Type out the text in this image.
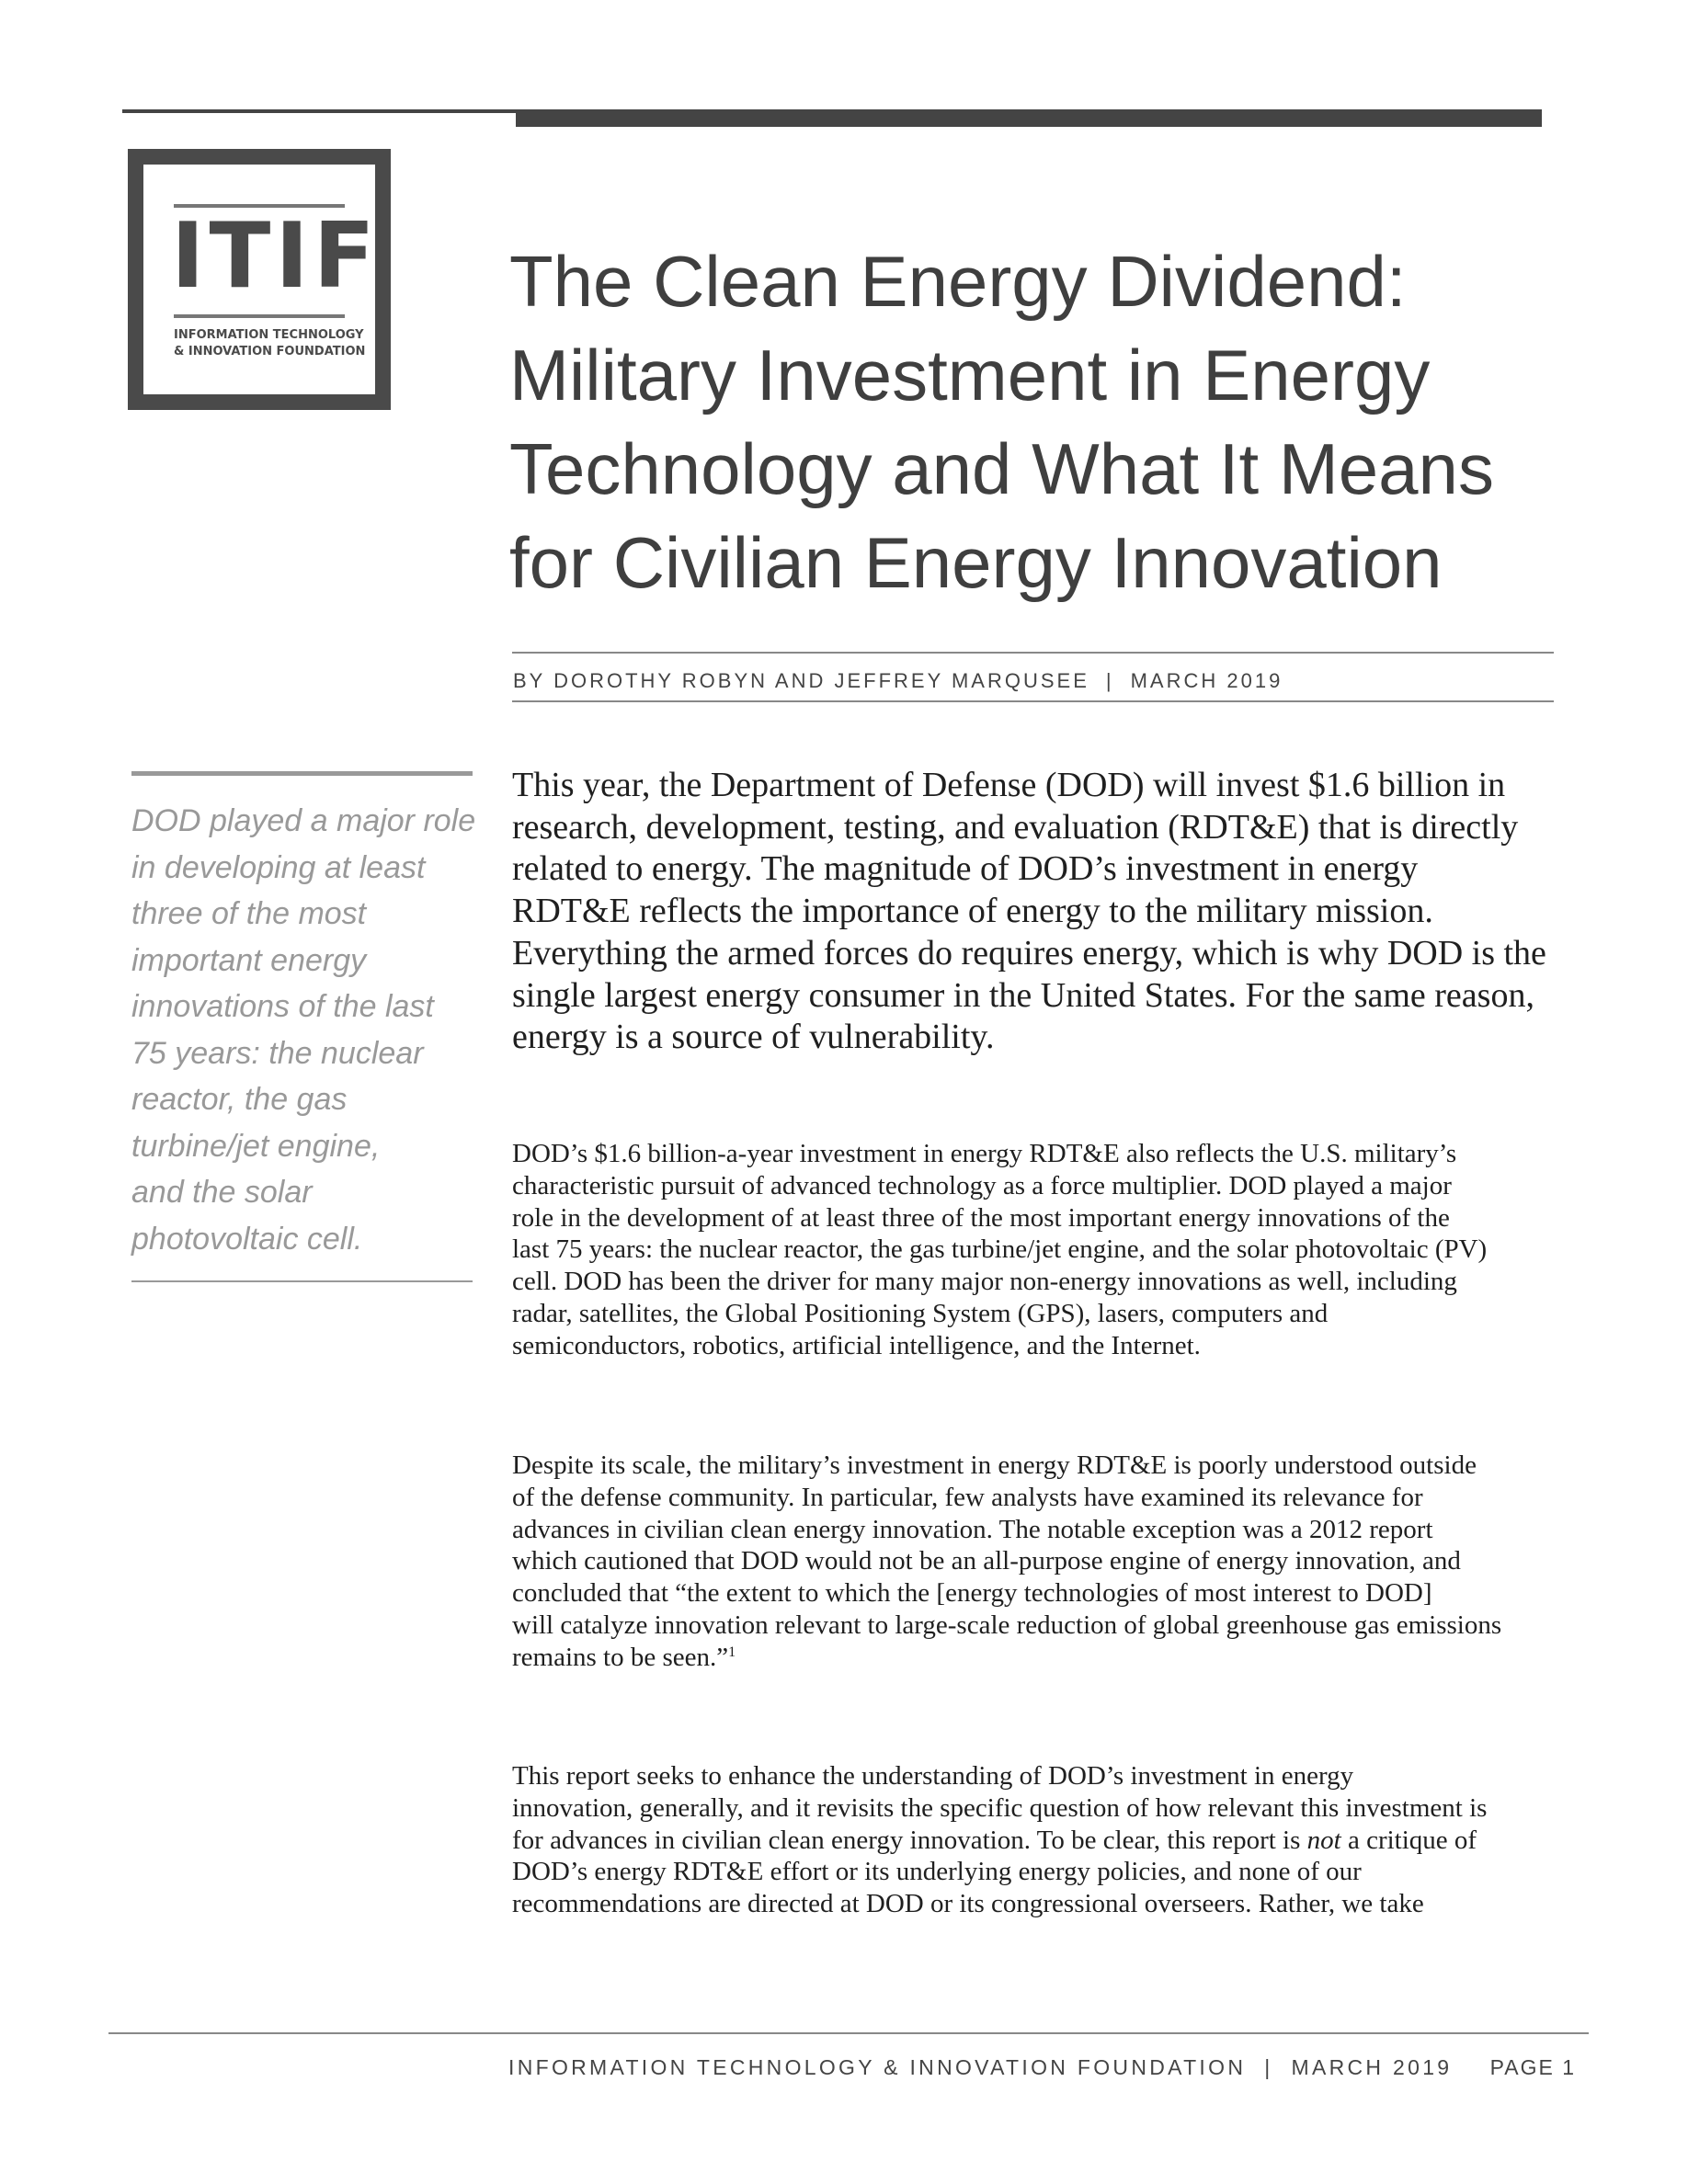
ITIF
INFORMATION TECHNOLOGY
& INNOVATION FOUNDATION
The Clean Energy Dividend:
Military Investment in Energy
Technology and What It Means
for Civilian Energy Innovation
BY DOROTHY ROBYN AND JEFFREY MARQUSEE | MARCH 2019

DOD played a major role
in developing at least
three of the most
important energy
innovations of the last
75 years: the nuclear
reactor, the gas
turbine/jet engine,
and the solar
photovoltaic cell.

This year, the Department of Defense (DOD) will invest $1.6 billion in
research, development, testing, and evaluation (RDT&E) that is directly
related to energy. The magnitude of DOD’s investment in energy
RDT&E reflects the importance of energy to the military mission.
Everything the armed forces do requires energy, which is why DOD is the
single largest energy consumer in the United States. For the same reason,
energy is a source of vulnerability.
DOD’s $1.6 billion-a-year investment in energy RDT&E also reflects the U.S. military’s
characteristic pursuit of advanced technology as a force multiplier. DOD played a major
role in the development of at least three of the most important energy innovations of the
last 75 years: the nuclear reactor, the gas turbine/jet engine, and the solar photovoltaic (PV)
cell. DOD has been the driver for many major non-energy innovations as well, including
radar, satellites, the Global Positioning System (GPS), lasers, computers and
semiconductors, robotics, artificial intelligence, and the Internet.
Despite its scale, the military’s investment in energy RDT&E is poorly understood outside
of the defense community. In particular, few analysts have examined its relevance for
advances in civilian clean energy innovation. The notable exception was a 2012 report
which cautioned that DOD would not be an all-purpose engine of energy innovation, and
concluded that “the extent to which the [energy technologies of most interest to DOD]
will catalyze innovation relevant to large-scale reduction of global greenhouse gas emissions
remains to be seen.”$^1$
This report seeks to enhance the understanding of DOD’s investment in energy
innovation, generally, and it revisits the specific question of how relevant this investment is
for advances in civilian clean energy innovation. To be clear, this report is not a critique of
DOD’s energy RDT&E effort or its underlying energy policies, and none of our
recommendations are directed at DOD or its congressional overseers. Rather, we take
INFORMATION TECHNOLOGY & INNOVATION FOUNDATION | MARCH 2019 PAGE 1
